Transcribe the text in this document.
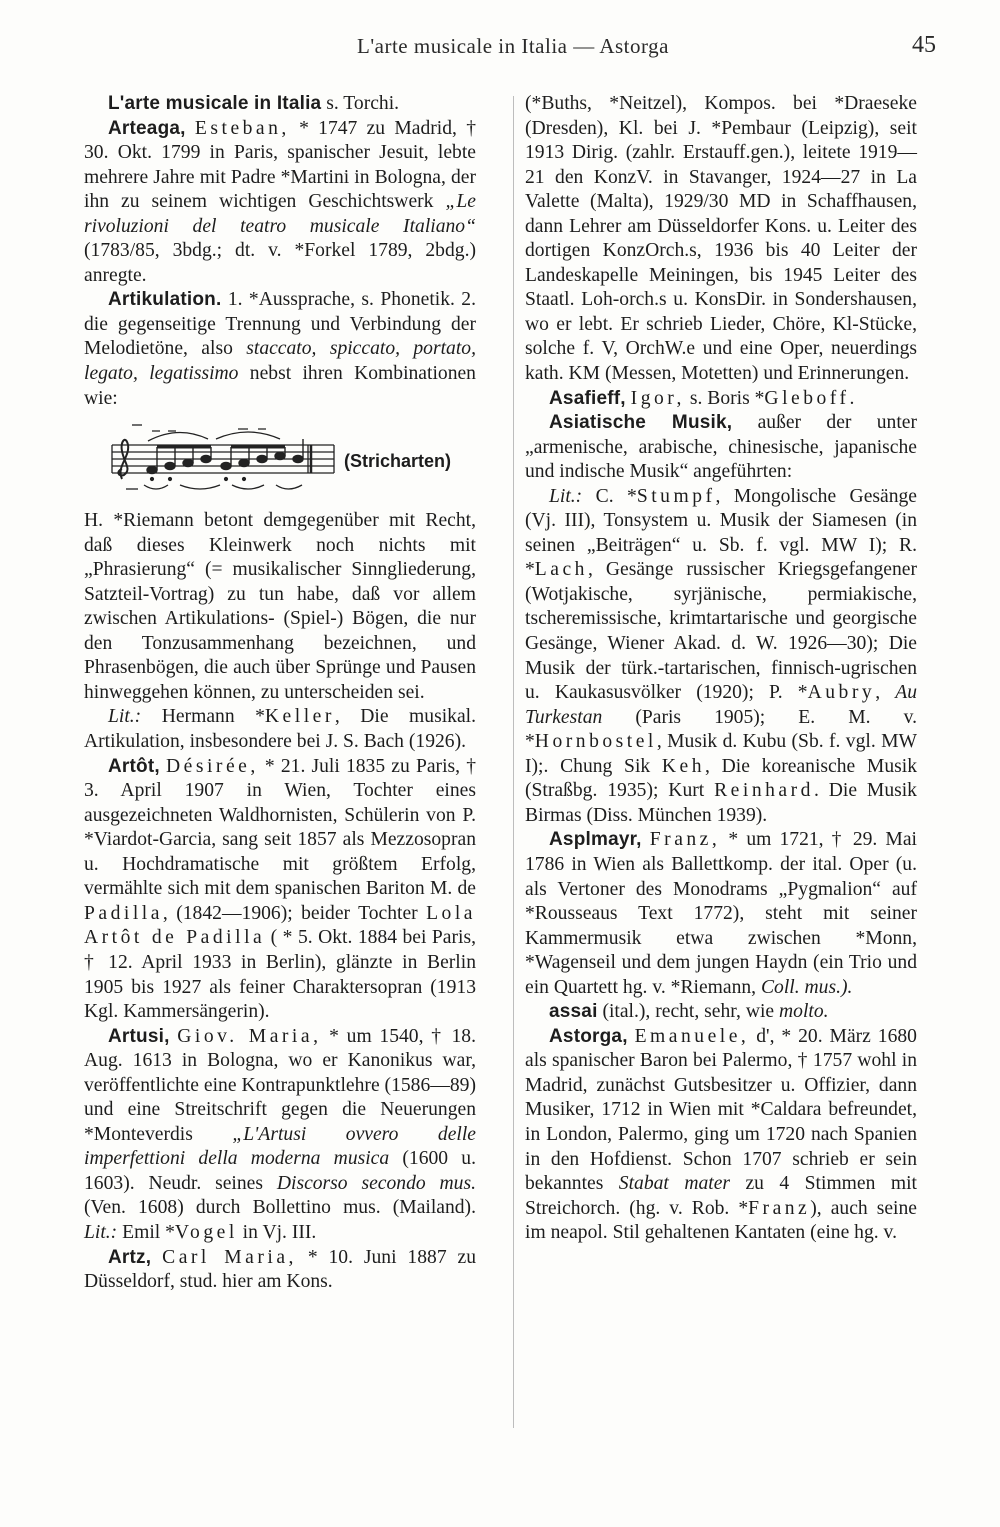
L'arte musicale in Italia — Astorga	45

L'arte musicale in Italia s. Torchi.

Arteaga, Esteban, * 1747 zu Madrid, † 30. Okt. 1799 in Paris, spanischer Jesuit, lebte mehrere Jahre mit Padre *Martini in Bologna, der ihn zu seinem wichtigen Geschichtswerk „Le rivoluzioni del teatro musicale Italiano“ (1783/85, 3bdg.; dt. v. *Forkel 1789, 2bdg.) anregte.

Artikulation. 1. *Aussprache, s. Phonetik. 2. die gegenseitige Trennung und Verbindung der Melodietöne, also staccato, spiccato, portato, legato, legatissimo nebst ihren Kombinationen wie:

(Stricharten)

H. *Riemann betont demgegenüber mit Recht, daß dieses Kleinwerk noch nichts mit „Phrasierung“ (= musikalischer Sinngliederung, Satzteil-Vortrag) zu tun habe, daß vor allem zwischen Artikulations- (Spiel-) Bögen, die nur den Tonzusammenhang bezeichnen, und Phrasenbögen, die auch über Sprünge und Pausen hinweggehen können, zu unterscheiden sei.

Lit.: Hermann *Keller, Die musikal. Artikulation, insbesondere bei J. S. Bach (1926).

Artôt, Désirée, * 21. Juli 1835 zu Paris, † 3. April 1907 in Wien, Tochter eines ausgezeichneten Waldhornisten, Schülerin von P. *Viardot-Garcia, sang seit 1857 als Mezzosopran u. Hochdramatische mit größtem Erfolg, vermählte sich mit dem spanischen Bariton M. de Padilla, (1842—1906); beider Tochter Lola Artôt de Padilla ( * 5. Okt. 1884 bei Paris, † 12. April 1933 in Berlin), glänzte in Berlin 1905 bis 1927 als feiner Charaktersopran (1913 Kgl. Kammersängerin).

Artusi, Giov. Maria, * um 1540, † 18. Aug. 1613 in Bologna, wo er Kanonikus war, veröffentlichte eine Kontrapunktlehre (1586—89) und eine Streitschrift gegen die Neuerungen *Monteverdis „L'Artusi ovvero delle imperfettioni della moderna musica (1600 u. 1603). Neudr. seines Discorso secondo mus. (Ven. 1608) durch Bollettino mus. (Mailand). Lit.: Emil *Vogel in Vj. III.

Artz, Carl Maria, * 10. Juni 1887 zu Düsseldorf, stud. hier am Kons.

(*Buths, *Neitzel), Kompos. bei *Draeseke (Dresden), Kl. bei J. *Pembaur (Leipzig), seit 1913 Dirig. (zahlr. Erstauff.gen.), leitete 1919—21 den KonzV. in Stavanger, 1924—27 in La Valette (Malta), 1929/30 MD in Schaffhausen, dann Lehrer am Düsseldorfer Kons. u. Leiter des dortigen KonzOrch.s, 1936 bis 40 Leiter der Landeskapelle Meiningen, bis 1945 Leiter des Staatl. Loh-orch.s u. KonsDir. in Sondershausen, wo er lebt. Er schrieb Lieder, Chöre, Kl-Stücke, solche f. V, OrchW.e und eine Oper, neuerdings kath. KM (Messen, Motetten) und Erinnerungen.

Asafieff, Igor, s. Boris *Gleboff.

Asiatische Musik, außer der unter „armenische, arabische, chinesische, japanische und indische Musik“ angeführten:

Lit.: C. *Stumpf, Mongolische Gesänge (Vj. III), Tonsystem u. Musik der Siamesen (in seinen „Beiträgen“ u. Sb. f. vgl. MW I); R. *Lach, Gesänge russischer Kriegsgefangener (Wotjakische, syrjänische, permiakische, tscheremissische, krimtartarische und georgische Gesänge, Wiener Akad. d. W. 1926—30); Die Musik der türk.-tartarischen, finnisch-ugrischen u. Kaukasusvölker (1920); P. *Aubry, Au Turkestan (Paris 1905); E. M. v. *Hornbostel, Musik d. Kubu (Sb. f. vgl. MW I);. Chung Sik Keh, Die koreanische Musik (Straßbg. 1935); Kurt Reinhard. Die Musik Birmas (Diss. München 1939).

Asplmayr, Franz, * um 1721, † 29. Mai 1786 in Wien als Ballettkomp. der ital. Oper (u. als Vertoner des Monodrams „Pygmalion“ auf *Rousseaus Text 1772), steht mit seiner Kammermusik etwa zwischen *Monn, *Wagenseil und dem jungen Haydn (ein Trio und ein Quartett hg. v. *Riemann, Coll. mus.).

assai (ital.), recht, sehr, wie molto.

Astorga, Emanuele, d', * 20. März 1680 als spanischer Baron bei Palermo, † 1757 wohl in Madrid, zunächst Gutsbesitzer u. Offizier, dann Musiker, 1712 in Wien mit *Caldara befreundet, in London, Palermo, ging um 1720 nach Spanien in den Hofdienst. Schon 1707 schrieb er sein bekanntes Stabat mater zu 4 Stimmen mit Streichorch. (hg. v. Rob. *Franz), auch seine im neapol. Stil gehaltenen Kantaten (eine hg. v.
